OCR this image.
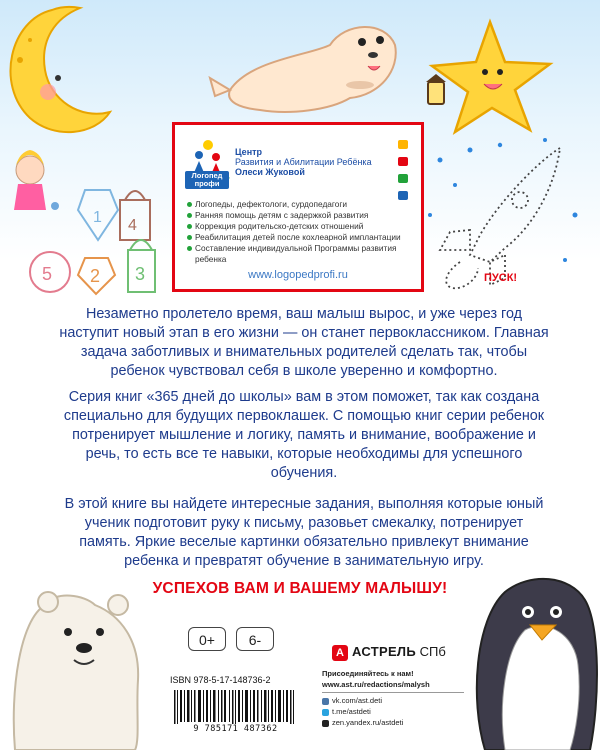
1 4
5 2 3
Логопед профи
Центр
Развития и Абилитации Ребёнка
Олеси Жуковой
Логопеды, дефектологи, сурдопедагоги
Ранняя помощь детям с задержкой развития
Коррекция родительско-детских отношений
Реабилитация детей после кохлеарной имплантации
Составление индивидуальной Программы развития ребенка
www.logopedprofi.ru	ПУСК!

Незаметно пролетело время, ваш малыш вырос, и уже через год наступит новый этап в его жизни — он станет первоклассником. Главная задача заботливых и внимательных родителей сделать так, чтобы ребенок чувствовал себя в школе уверенно и комфортно.

Серия книг «365 дней до школы» вам в этом поможет, так как создана специально для будущих первоклашек. С помощью книг серии ребенок потренирует мышление и логику, память и внимание, воображение и речь, то есть все те навыки, которые необходимы для успешного обучения.

В этой книге вы найдете интересные задания, выполняя которые юный ученик подготовит руку к письму, разовьет смекалку, потренирует память. Яркие веселые картинки обязательно привлекут внимание ребенка и превратят обучение в занимательную игру.

УСПЕХОВ ВАМ И ВАШЕМУ МАЛЫШУ!
0+	6-
А АСТРЕЛЬ СПб
ISBN 978-5-17-148736-2
9 785171 487362
Присоединяйтесь к нам!
www.ast.ru/redactions/malysh
vk.com/ast.deti
t.me/astdeti
zen.yandex.ru/astdeti
